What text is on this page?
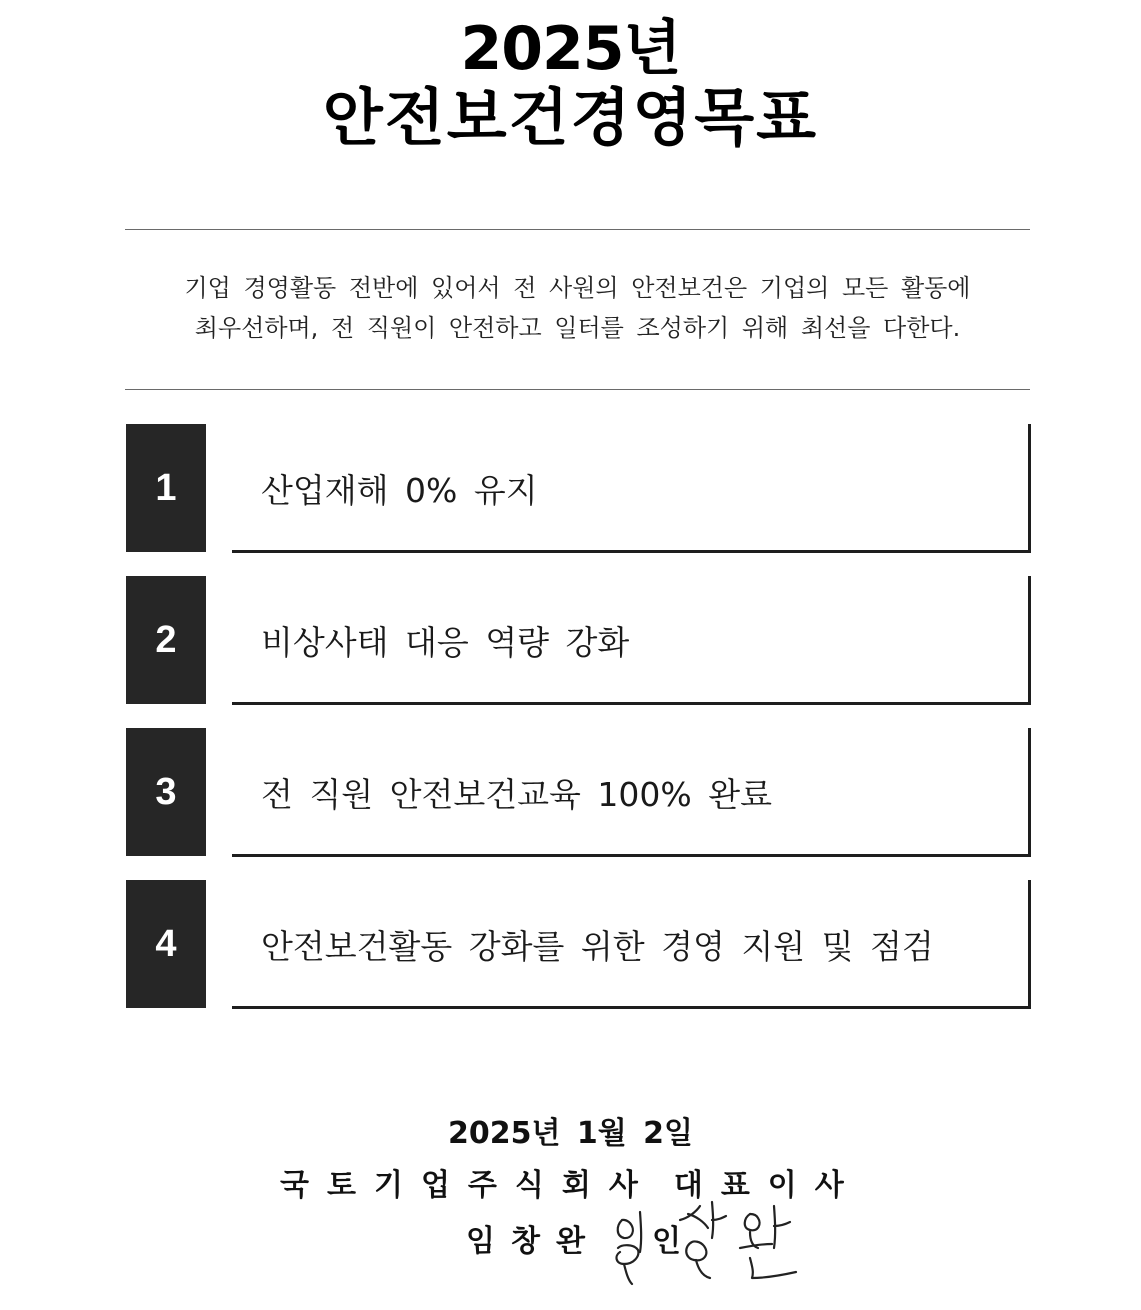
2025년
안전보건경영목표
기업 경영활동 전반에 있어서 전 사원의 안전보건은 기업의 모든 활동에
최우선하며, 전 직원이 안전하고 일터를 조성하기 위해 최선을 다한다.
1	산업재해 0% 유지
2	비상사태 대응 역량 강화
3	전 직원 안전보건교육 100% 완료
4	안전보건활동 강화를 위한 경영 지원 및 점검
2025년 1월 2일
국토기업주식회사 대표이사
임창완 인
